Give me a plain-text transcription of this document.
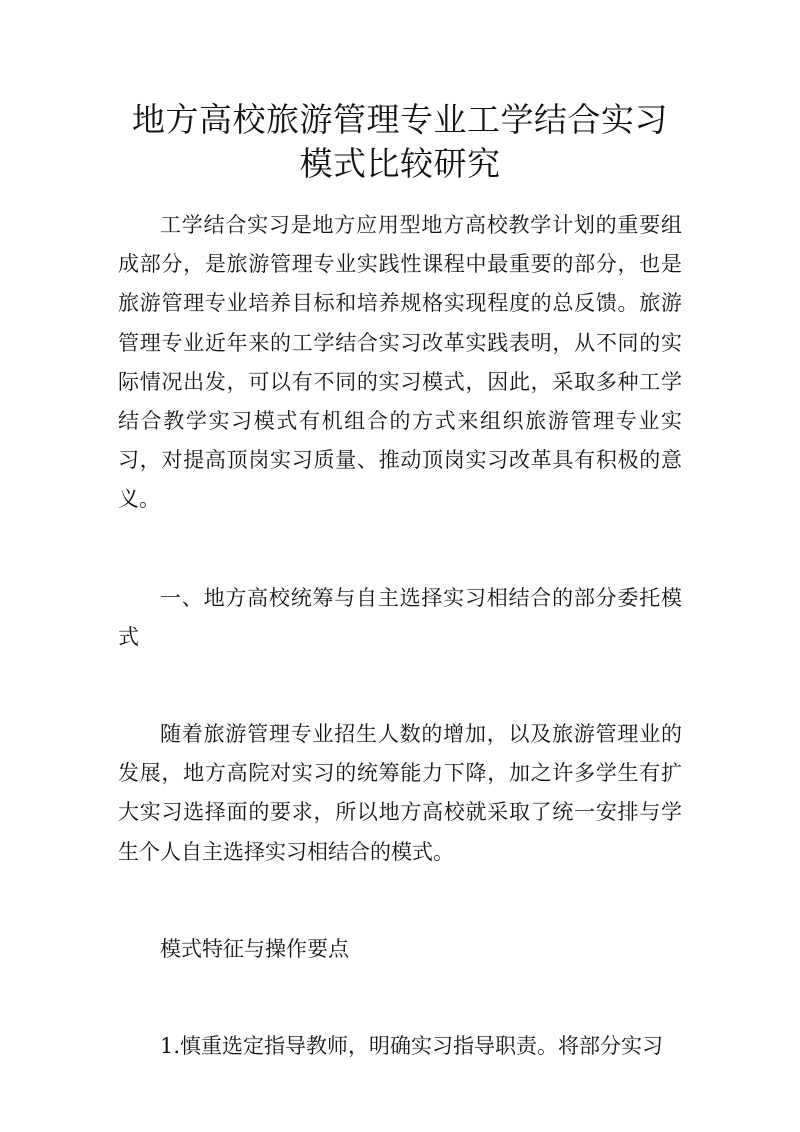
地方高校旅游管理专业工学结合实习模式比较研究

工学结合实习是地方应用型地方高校教学计划的重要组成部分，是旅游管理专业实践性课程中最重要的部分，也是旅游管理专业培养目标和培养规格实现程度的总反馈。旅游管理专业近年来的工学结合实习改革实践表明，从不同的实际情况出发，可以有不同的实习模式，因此，采取多种工学结合教学实习模式有机组合的方式来组织旅游管理专业实习，对提高顶岗实习质量、推动顶岗实习改革具有积极的意义。

一、地方高校统筹与自主选择实习相结合的部分委托模式

随着旅游管理专业招生人数的增加，以及旅游管理业的发展，地方高院对实习的统筹能力下降，加之许多学生有扩大实习选择面的要求，所以地方高校就采取了统一安排与学生个人自主选择实习相结合的模式。

模式特征与操作要点

1.慎重选定指导教师，明确实习指导职责。将部分实习
